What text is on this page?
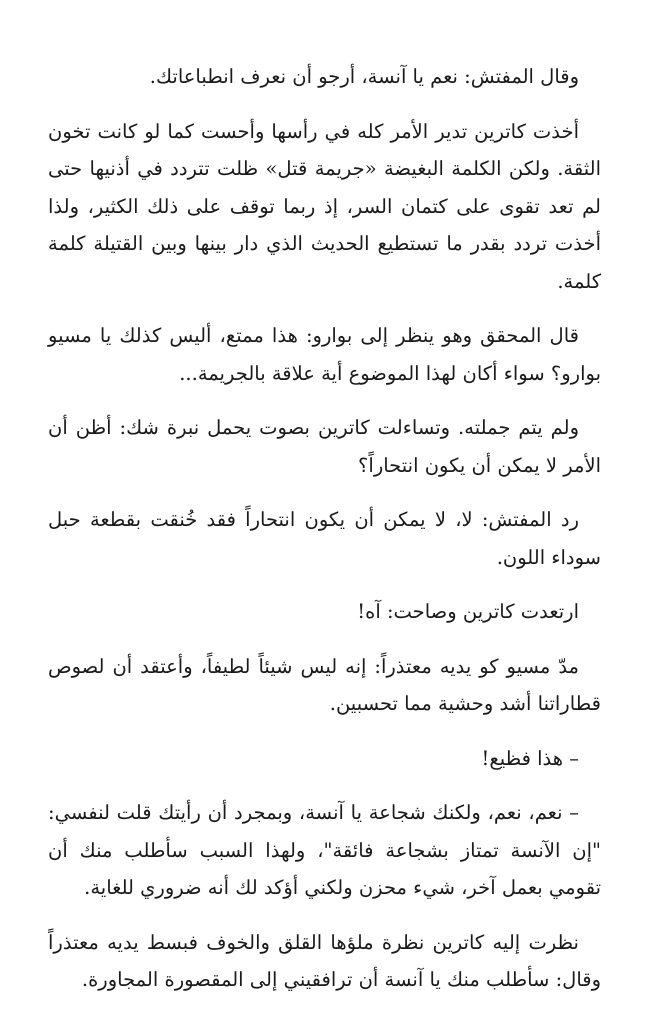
وقال المفتش: نعم يا آنسة، أرجو أن نعرف انطباعاتك.

أخذت كاترين تدير الأمر كله في رأسها وأحست كما لو كانت تخون الثقة. ولكن الكلمة البغيضة «جريمة قتل» ظلت تتردد في أذنيها حتى لم تعد تقوى على كتمان السر، إذ ربما توقف على ذلك الكثير، ولذا أخذت تردد بقدر ما تستطيع الحديث الذي دار بينها وبين القتيلة كلمة كلمة.

قال المحقق وهو ينظر إلى بوارو: هذا ممتع، أليس كذلك يا مسيو بوارو؟ سواء أكان لهذا الموضوع أية علاقة بالجريمة...

ولم يتم جملته. وتساءلت كاترين بصوت يحمل نبرة شك: أظن أن الأمر لا يمكن أن يكون انتحاراً؟

رد المفتش: لا، لا يمكن أن يكون انتحاراً فقد خُنقت بقطعة حبل سوداء اللون.

ارتعدت كاترين وصاحت: آه!

مدّ مسيو كو يديه معتذراً: إنه ليس شيئاً لطيفاً، وأعتقد أن لصوص قطاراتنا أشد وحشية مما تحسبين.

– هذا فظيع!

– نعم، نعم، ولكنك شجاعة يا آنسة، وبمجرد أن رأيتك قلت لنفسي: "إن الآنسة تمتاز بشجاعة فائقة"، ولهذا السبب سأطلب منك أن تقومي بعمل آخر، شيء محزن ولكني أؤكد لك أنه ضروري للغاية.

نظرت إليه كاترين نظرة ملؤها القلق والخوف فبسط يديه معتذراً وقال: سأطلب منك يا آنسة أن ترافقيني إلى المقصورة المجاورة.
